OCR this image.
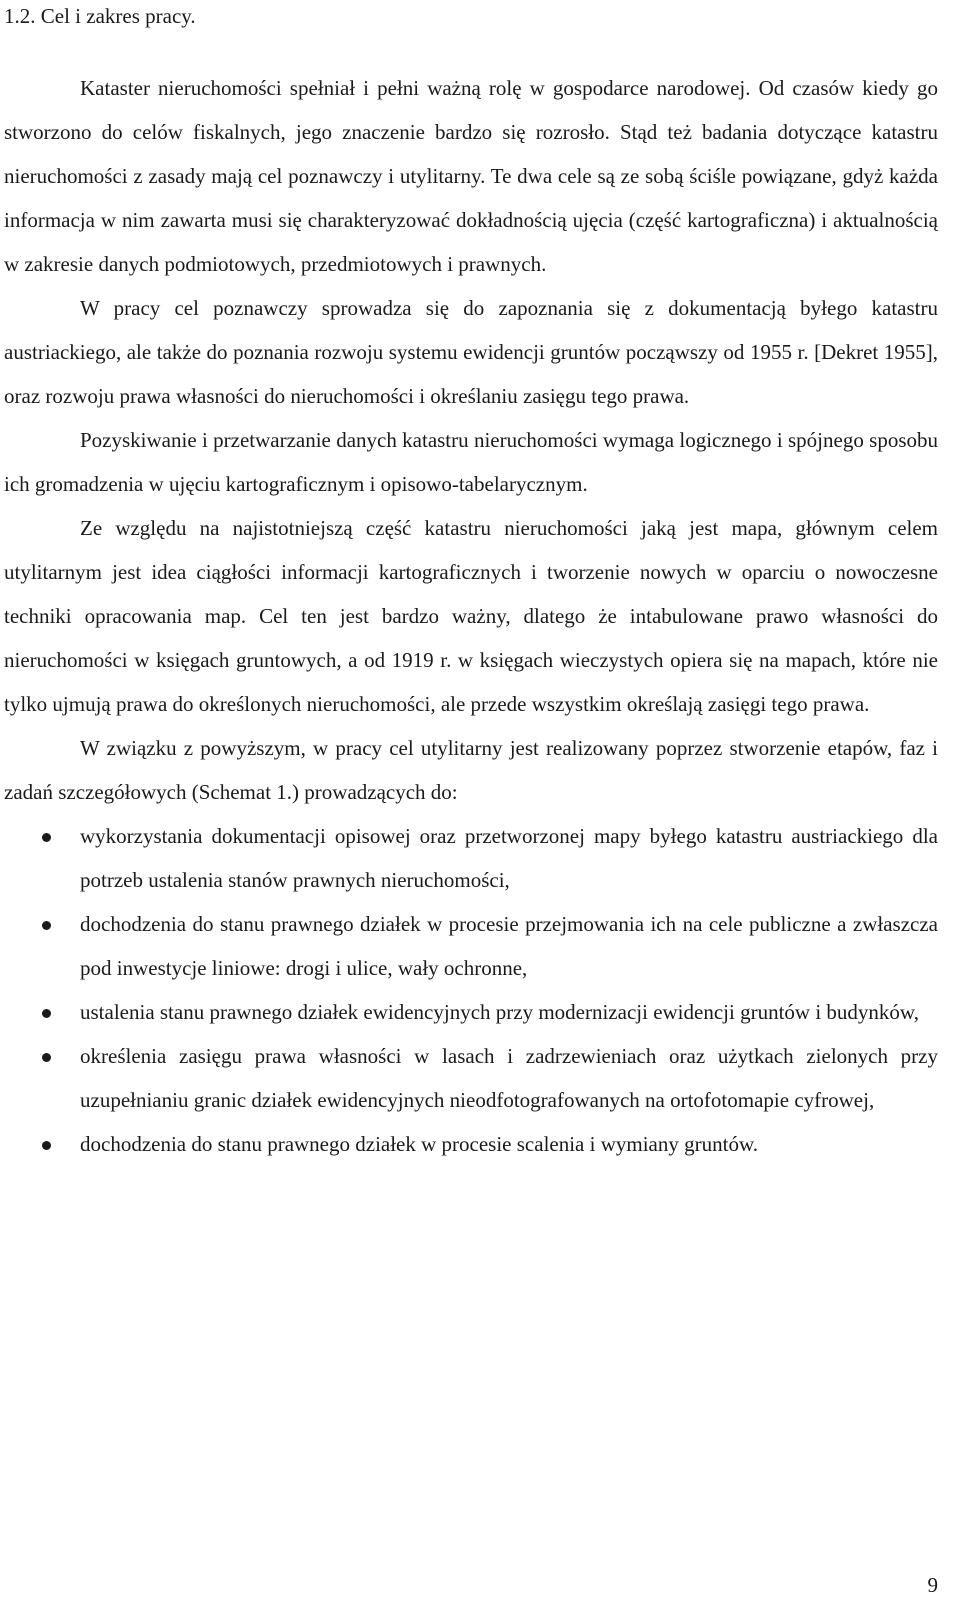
1.2. Cel i zakres pracy.

Kataster nieruchomości spełniał i pełni ważną rolę w gospodarce narodowej. Od czasów kiedy go stworzono do celów fiskalnych, jego znaczenie bardzo się rozrosło. Stąd też badania dotyczące katastru nieruchomości z zasady mają cel poznawczy i utylitarny. Te dwa cele są ze sobą ściśle powiązane, gdyż każda informacja w nim zawarta musi się charakteryzować dokładnością ujęcia (część kartograficzna) i aktualnością w zakresie danych podmiotowych, przedmiotowych i prawnych.

W pracy cel poznawczy sprowadza się do zapoznania się z dokumentacją byłego katastru austriackiego, ale także do poznania rozwoju systemu ewidencji gruntów począwszy od 1955 r. [Dekret 1955], oraz rozwoju prawa własności do nieruchomości i określaniu zasięgu tego prawa.

Pozyskiwanie i przetwarzanie danych katastru nieruchomości wymaga logicznego i spójnego sposobu ich gromadzenia w ujęciu kartograficznym i opisowo-tabelarycznym.

Ze względu na najistotniejszą część katastru nieruchomości jaką jest mapa, głównym celem utylitarnym jest idea ciągłości informacji kartograficznych i tworzenie nowych w oparciu o nowoczesne techniki opracowania map. Cel ten jest bardzo ważny, dlatego że intabulowane prawo własności do nieruchomości w księgach gruntowych, a od 1919 r. w księgach wieczystych opiera się na mapach, które nie tylko ujmują prawa do określonych nieruchomości, ale przede wszystkim określają zasięgi tego prawa.

W związku z powyższym, w pracy cel utylitarny jest realizowany poprzez stworzenie etapów, faz i zadań szczegółowych (Schemat 1.) prowadzących do:

wykorzystania dokumentacji opisowej oraz przetworzonej mapy byłego katastru austriackiego dla potrzeb ustalenia stanów prawnych nieruchomości,
dochodzenia do stanu prawnego działek w procesie przejmowania ich na cele publiczne a zwłaszcza pod inwestycje liniowe: drogi i ulice, wały ochronne,
ustalenia stanu prawnego działek ewidencyjnych przy modernizacji ewidencji gruntów i budynków,
określenia zasięgu prawa własności w lasach i zadrzewieniach oraz użytkach zielonych przy uzupełnianiu granic działek ewidencyjnych nieodfotografowanych na ortofotomapie cyfrowej,
dochodzenia do stanu prawnego działek w procesie scalenia i wymiany gruntów.
9
